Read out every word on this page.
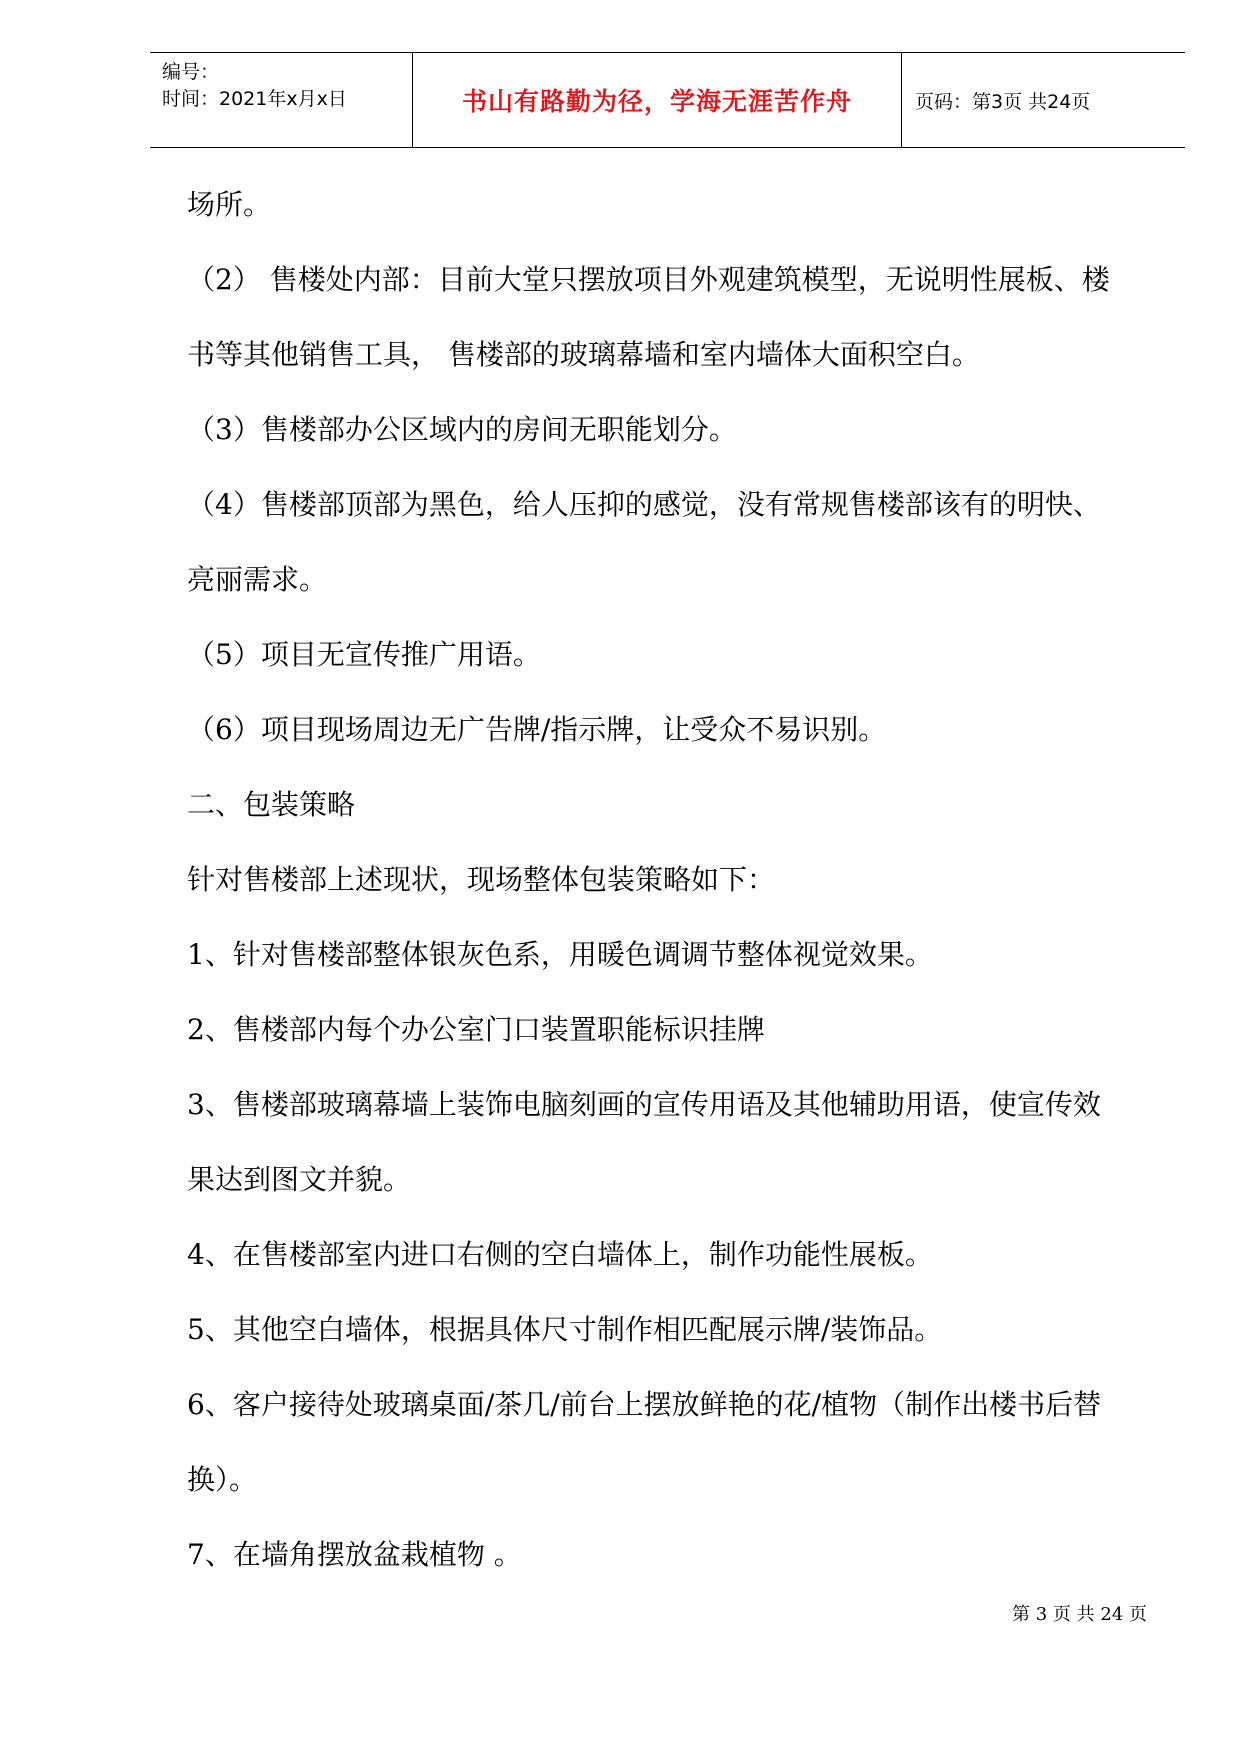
编号：
时间：2021年x月x日	书山有路勤为径，学海无涯苦作舟	页码：第3页 共24页
场所。
（2） 售楼处内部：目前大堂只摆放项目外观建筑模型，无说明性展板、楼
书等其他销售工具， 售楼部的玻璃幕墙和室内墙体大面积空白。
（3）售楼部办公区域内的房间无职能划分。
（4）售楼部顶部为黑色，给人压抑的感觉，没有常规售楼部该有的明快、
亮丽需求。
（5）项目无宣传推广用语。
（6）项目现场周边无广告牌/指示牌，让受众不易识别。
二、包装策略
针对售楼部上述现状，现场整体包装策略如下：
1、针对售楼部整体银灰色系，用暖色调调节整体视觉效果。
2、售楼部内每个办公室门口装置职能标识挂牌
3、售楼部玻璃幕墙上装饰电脑刻画的宣传用语及其他辅助用语，使宣传效
果达到图文并貌。
4、在售楼部室内进口右侧的空白墙体上，制作功能性展板。
5、其他空白墙体，根据具体尺寸制作相匹配展示牌/装饰品。
6、客户接待处玻璃桌面/茶几/前台上摆放鲜艳的花/植物（制作出楼书后替
换）。
7、在墙角摆放盆栽植物 。
第 3 页 共 24 页
